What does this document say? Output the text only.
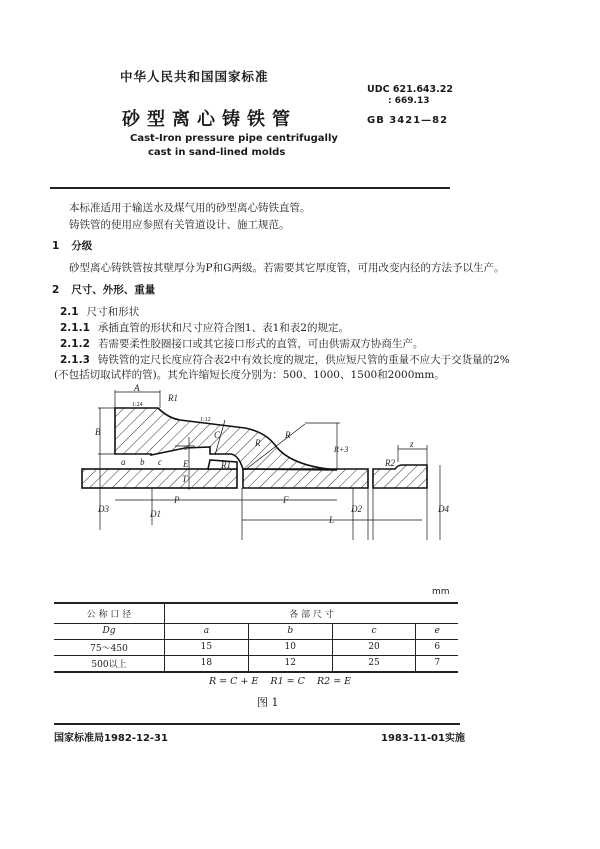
中华人民共和国国家标准
砂型离心铸铁管
Cast-Iron pressure pipe centrifugally
cast in sand-lined molds
UDC 621.643.22
: 669.13
GB 3421—82
本标准适用于输送水及煤气用的砂型离心铸铁直管。
铸铁管的使用应参照有关管道设计、施工规范。
1 分级
砂型离心铸铁管按其壁厚分为P和G两级。若需要其它厚度管，可用改变内径的方法予以生产。
2 尺寸、外形、重量
2.1 尺寸和形状
2.1.1 承插直管的形状和尺寸应符合图1、表1和表2的规定。
2.1.2 若需要柔性胶圈接口或其它接口形式的直管，可由供需双方协商生产。
2.1.3 铸铁管的定尺长度应符合表2中有效长度的规定，供应短尺管的重量不应大于交货量的2%
(不包括切取试样的管)。其允许缩短长度分别为：500、1000、1500和2000mm。
A
1:24
R1
1:12
B	C
e	R
R
R+3
a b c E
T
R1	R2
z
D3	D1
P	F
D2
L
D4
mm
公 称 口 径	各 部 尺 寸			
Dg	a	b	c	e
75～450	15	10	20	6
500以上	18	12	25	7
R = C + E    R1 = C    R2 = E
图 1
国家标准局1982-12-31	1983-11-01实施
